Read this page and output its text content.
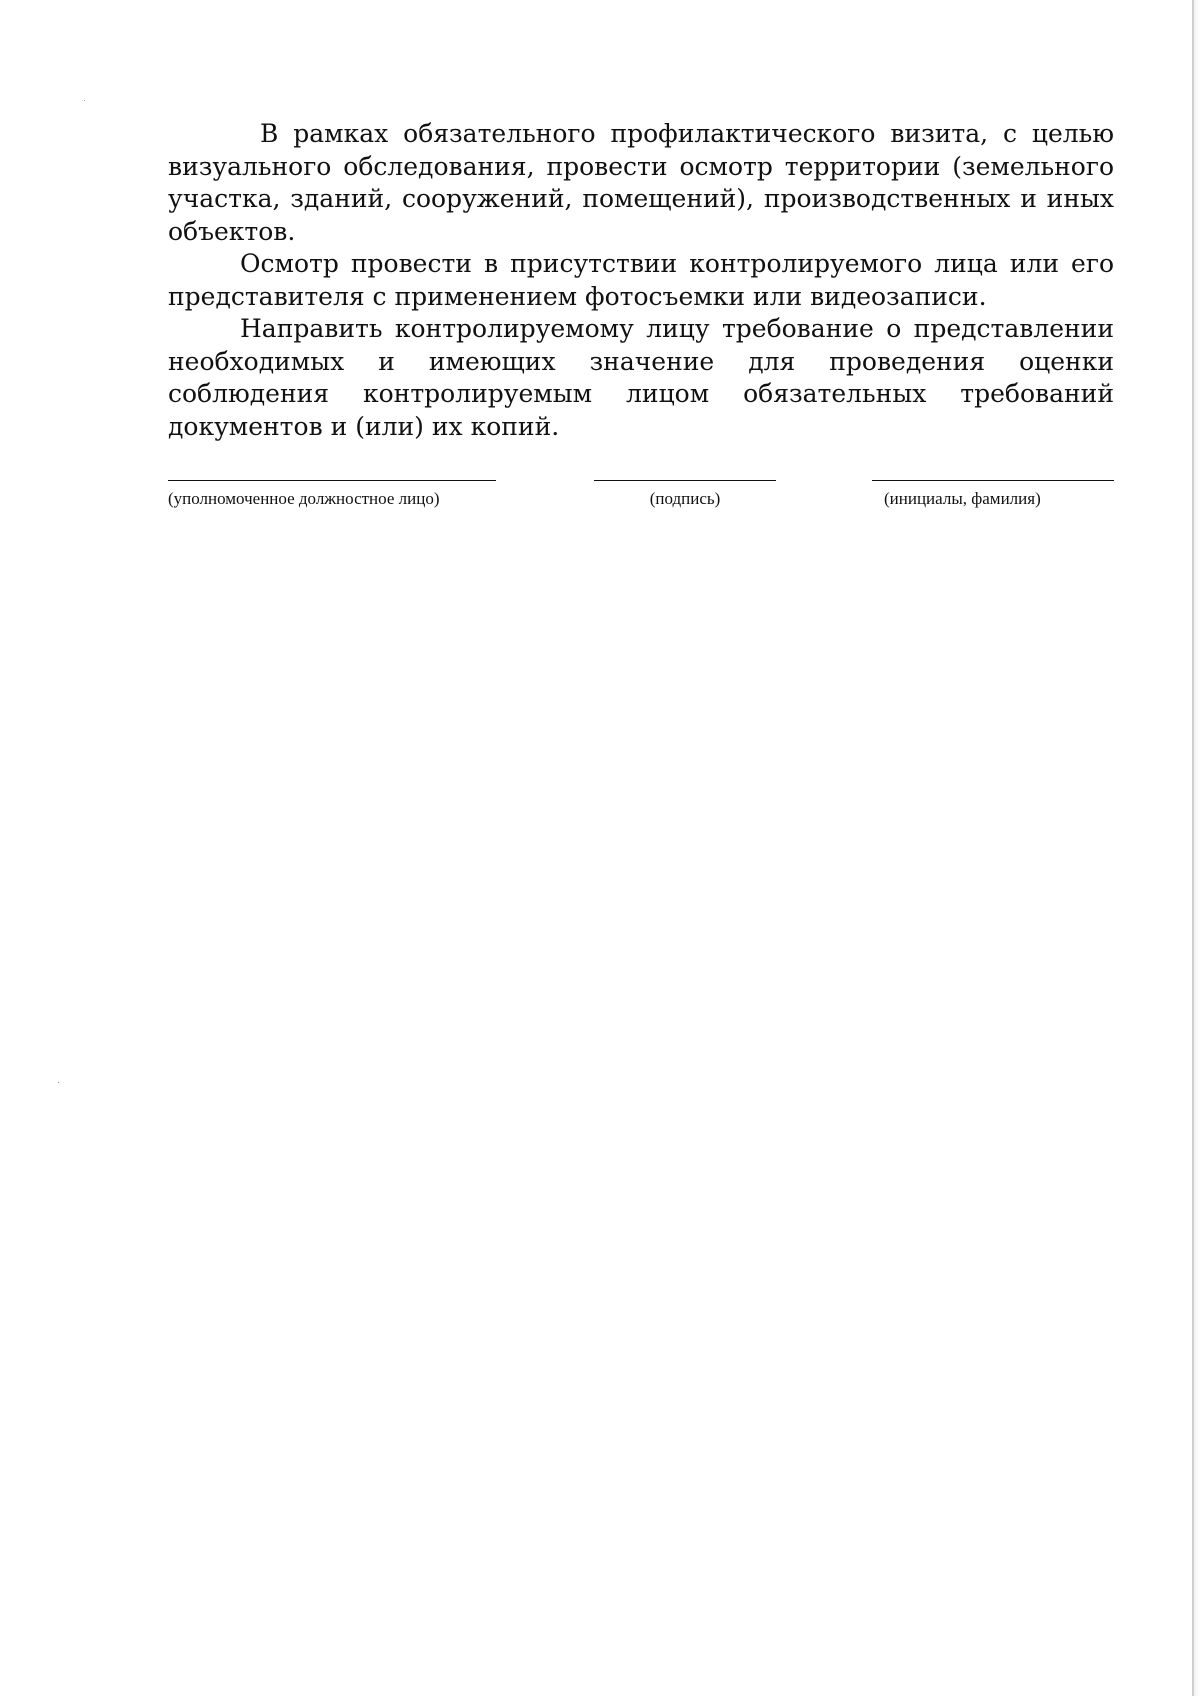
В рамках обязательного профилактического визита, с целью визуального обследования, провести осмотр территории (земельного участка, зданий, сооружений, помещений), производственных и иных объектов.

Осмотр провести в присутствии контролируемого лица или его представителя с применением фотосъемки или видеозаписи.

Направить контролируемому лицу требование о представлении необходимых и имеющих значение для проведения оценки соблюдения контролируемым лицом обязательных требований документов и (или) их копий.

(уполномоченное должностное лицо)	(подпись)	(инициалы, фамилия)
